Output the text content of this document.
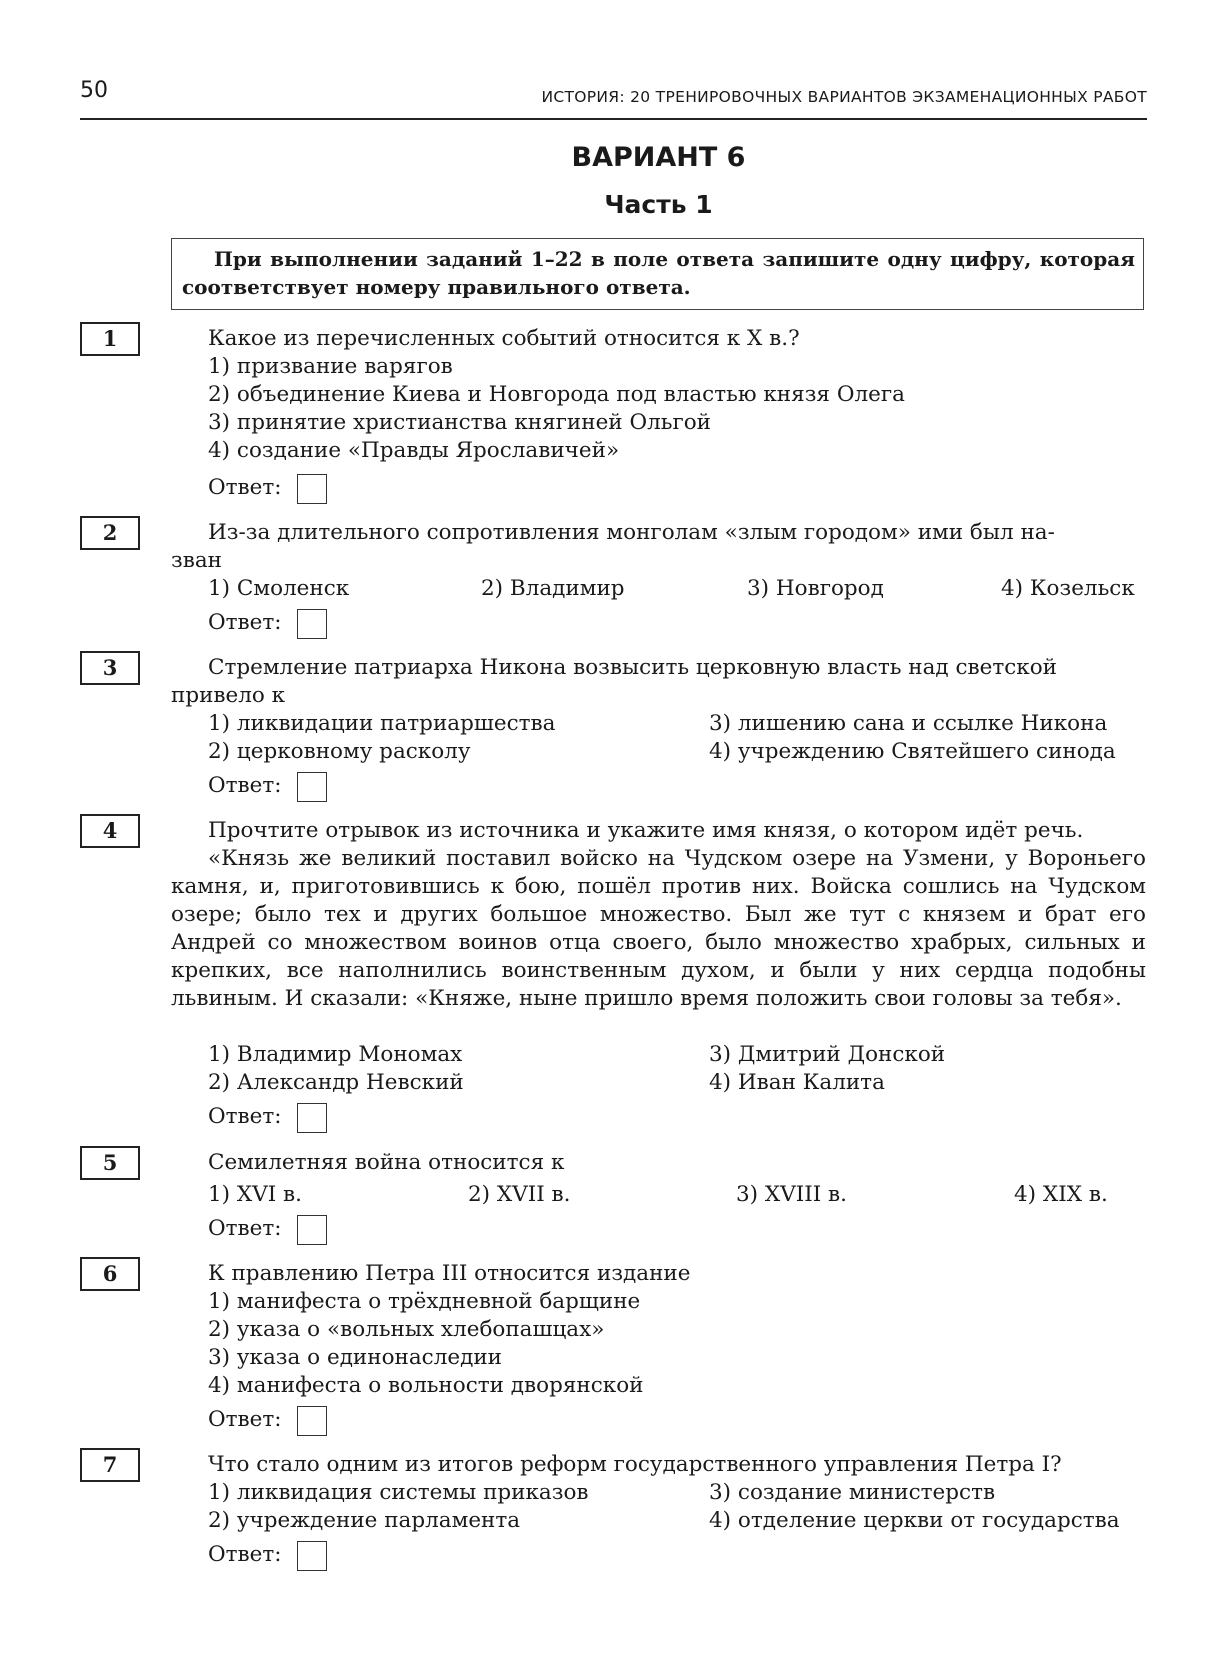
50	ИСТОРИЯ: 20 ТРЕНИРОВОЧНЫХ ВАРИАНТОВ ЭКЗАМЕНАЦИОННЫХ РАБОТ
ВАРИАНТ 6
Часть 1
При выполнении заданий 1–22 в поле ответа запишите одну цифру, которая соответствует номеру правильного ответа.
1	Какое из перечисленных событий относится к X в.?
1) призвание варягов
2) объединение Киева и Новгорода под властью князя Олега
3) принятие христианства княгиней Ольгой
4) создание «Правды Ярославичей»
Ответ:
2	Из-за длительного сопротивления монголам «злым городом» ими был на-
зван
1) Смоленск	2) Владимир	3) Новгород	4) Козельск
Ответ:
3	Стремление патриарха Никона возвысить церковную власть над светской
привело к
1) ликвидации патриаршества
2) церковному расколу
3) лишению сана и ссылке Никона
4) учреждению Святейшего синода
Ответ:
4	Прочтите отрывок из источника и укажите имя князя, о котором идёт речь.
«Князь же великий поставил войско на Чудском озере на Узмени, у Вороньего камня, и, приготовившись к бою, пошёл против них. Войска сошлись на Чудском озере; было тех и других большое множество. Был же тут с князем и брат его Андрей со множеством воинов отца своего, было множество храбрых, сильных и крепких, все наполнились воинственным духом, и были у них сердца подобны львиным. И сказали: «Княже, ныне пришло время положить свои головы за тебя».
1) Владимир Мономах
2) Александр Невский
3) Дмитрий Донской
4) Иван Калита
Ответ:
5	Семилетняя война относится к
1) XVI в.	2) XVII в.	3) XVIII в.	4) XIX в.
Ответ:
6	К правлению Петра III относится издание
1) манифеста о трёхдневной барщине
2) указа о «вольных хлебопашцах»
3) указа о единонаследии
4) манифеста о вольности дворянской
Ответ:
7	Что стало одним из итогов реформ государственного управления Петра I?
1) ликвидация системы приказов
2) учреждение парламента
3) создание министерств
4) отделение церкви от государства
Ответ:
